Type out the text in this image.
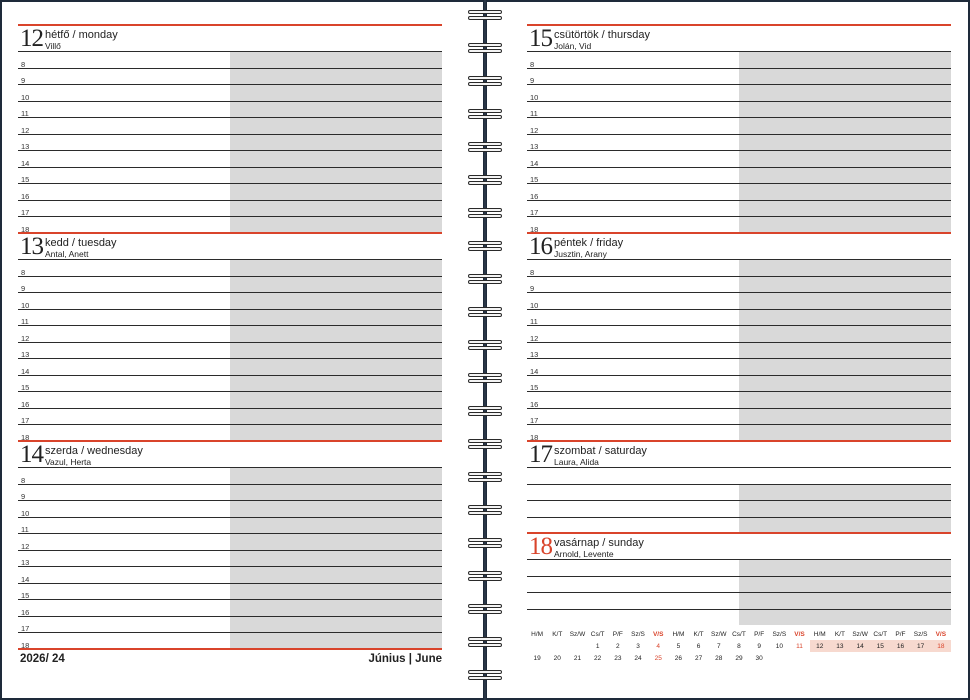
12 hétfő / monday
Villő
8
9
10
11
12
13
14
15
16
17
18
13 kedd / tuesday
Antal, Anett
8
9
10
11
12
13
14
15
16
17
18
14 szerda / wednesday
Vazul, Herta
8
9
10
11
12
13
14
15
16
17
18
15 csütörtök / thursday
Jolán, Vid
8
9
10
11
12
13
14
15
16
17
18
16 péntek / friday
Jusztin, Arany
8
9
10
11
12
13
14
15
16
17
18
17 szombat / saturday
Laura, Alida
18 vasárnap / sunday
Arnold, Levente
2026/ 24	Június | June
H/M	K/T	Sz/W	Cs/T	P/F	Sz/S	V/S	H/M	K/T	Sz/W	Cs/T	P/F	Sz/S	V/S	H/M	K/T	Sz/W	Cs/T	P/F	Sz/S	V/S
			1	2	3	4	5	6	7	8	9	10	11	12	13	14	15	16	17	18
19	20	21	22	23	24	25	26	27	28	29	30									
